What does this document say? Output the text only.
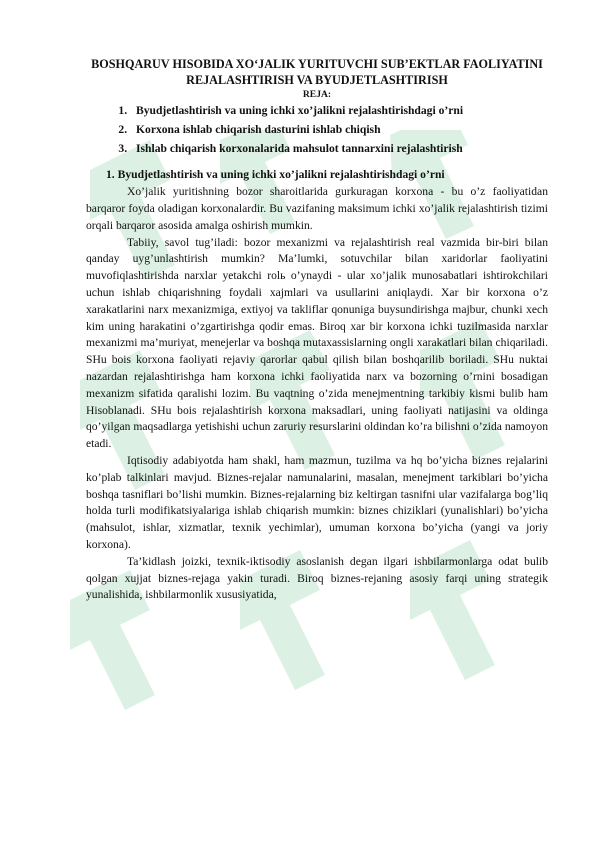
BOSHQARUV HISOBIDA XO‘JALIK YURITUVCHI SUB’EKTLAR FAOLIYATINI REJALASHTIRISH VA BYUDJETLASHTIRISH
REJA:
1. Byudjetlashtirish va uning ichki xo’jalikni rejalashtirishdagi o’rni
2. Korxona ishlab chiqarish dasturini ishlab chiqish
3. Ishlab chiqarish korxonalarida mahsulot tannarxini rejalashtirish
1. Byudjetlashtirish va uning ichki xo’jalikni rejalashtirishdagi o’rni

Xo’jalik yuritishning bozor sharoitlarida gurkuragan korxona - bu o’z faoliyatidan barqaror foyda oladigan korxonalardir. Bu vazifaning maksimum ichki xo’jalik rejalashtirish tizimi orqali barqaror asosida amalga oshirish mumkin.

Tabiiy, savol tug’iladi: bozor mexanizmi va rejalashtirish real vazmida bir-biri bilan qanday uyg’unlashtirish mumkin? Ma’lumki, sotuvchilar bilan xaridorlar faoliyatini muvofiqlashtirishda narxlar yetakchi rolь o’ynaydi - ular xo’jalik munosabatlari ishtirokchilari uchun ishlab chiqarishning foydali xajmlari va usullarini aniqlaydi. Xar bir korxona o’z xarakatlarini narx mexanizmiga, extiyoj va takliflar qonuniga buysundirishga majbur, chunki xech kim uning harakatini o’zgartirishga qodir emas. Biroq xar bir korxona ichki tuzilmasida narxlar mexanizmi ma’muriyat, menejerlar va boshqa mutaxassislarning ongli xarakatlari bilan chiqariladi. SHu bois korxona faoliyati rejaviy qarorlar qabul qilish bilan boshqarilib boriladi. SHu nuktai nazardan rejalashtirishga ham korxona ichki faoliyatida narx va bozorning o’rnini bosadigan mexanizm sifatida qaralishi lozim. Bu vaqtning o’zida menejmentning tarkibiy kismi bulib ham Hisoblanadi. SHu bois rejalashtirish korxona maksadlari, uning faoliyati natijasini va oldinga qo’yilgan maqsadlarga yetishishi uchun zaruriy resurslarini oldindan ko’ra bilishni o’zida namoyon etadi.

Iqtisodiy adabiyotda ham shakl, ham mazmun, tuzilma va hq bo’yicha biznes rejalarini ko’plab talkinlari mavjud. Biznes-rejalar namunalarini, masalan, menejment tarkiblari bo’yicha boshqa tasniflari bo’lishi mumkin. Biznes-rejalarning biz keltirgan tasnifni ular vazifalarga bog’liq holda turli modifikatsiyalariga ishlab chiqarish mumkin: biznes chiziklari (yunalishlari) bo’yicha (mahsulot, ishlar, xizmatlar, texnik yechimlar), umuman korxona bo’yicha (yangi va joriy korxona).

Ta’kidlash joizki, texnik-iktisodiy asoslanish degan ilgari ishbilarmonlarga odat bulib qolgan xujjat biznes-rejaga yakin turadi. Biroq biznes-rejaning asosiy farqi uning strategik yunalishida, ishbilarmonlik xususiyatida,
